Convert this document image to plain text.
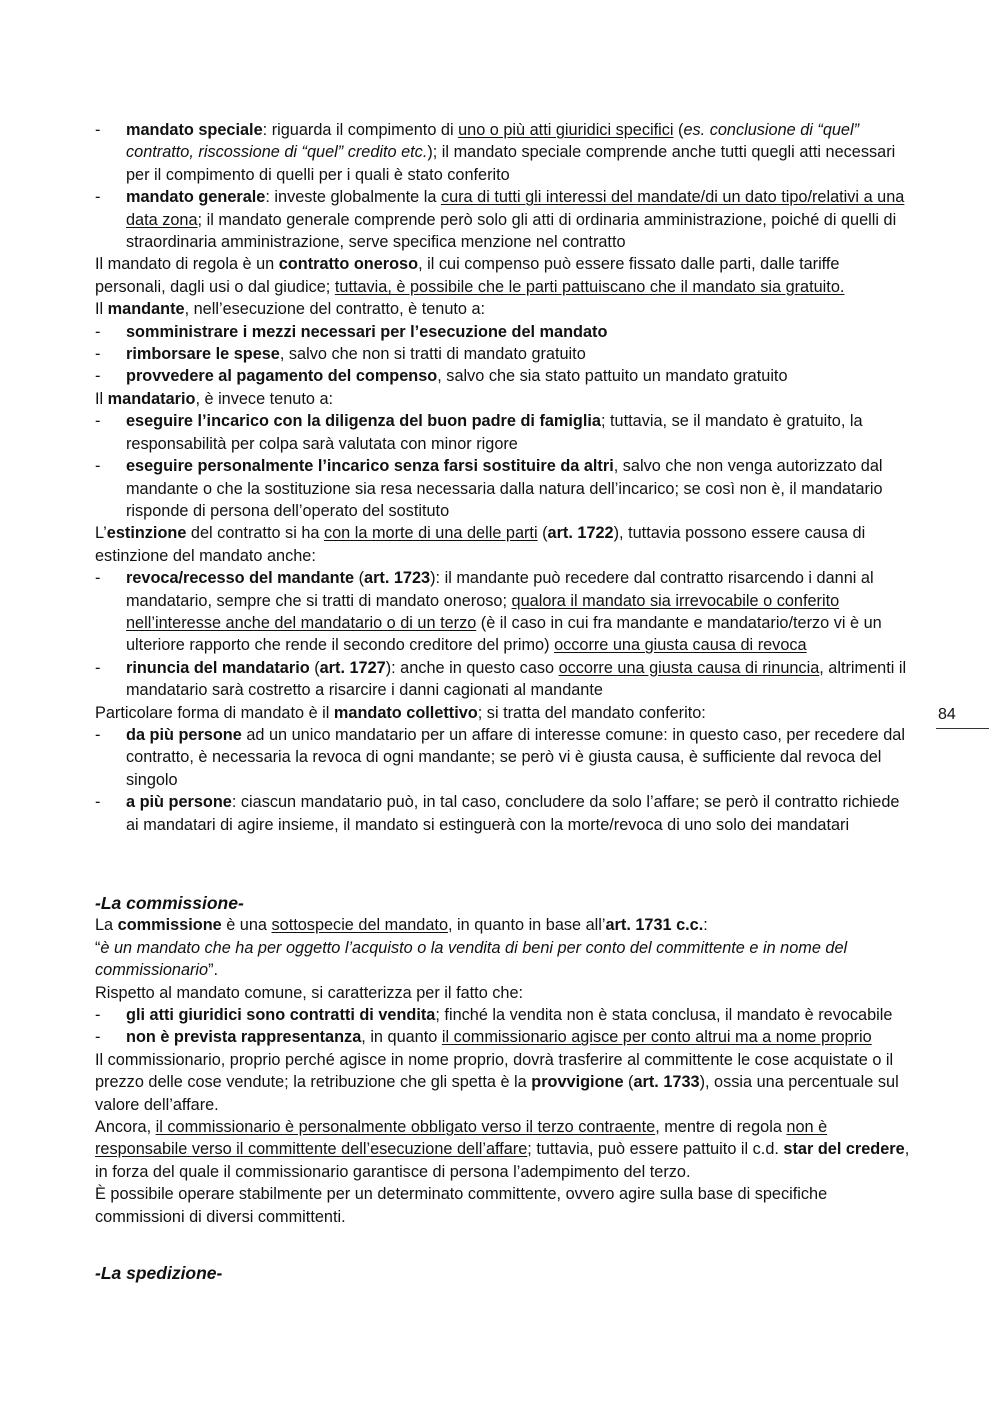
- mandato speciale: riguarda il compimento di uno o più atti giuridici specifici (es. conclusione di “quel” contratto, riscossione di “quel” credito etc.); il mandato speciale comprende anche tutti quegli atti necessari per il compimento di quelli per i quali è stato conferito

- mandato generale: investe globalmente la cura di tutti gli interessi del mandate/di un dato tipo/relativi a una data zona; il mandato generale comprende però solo gli atti di ordinaria amministrazione, poiché di quelli di straordinaria amministrazione, serve specifica menzione nel contratto

Il mandato di regola è un contratto oneroso, il cui compenso può essere fissato dalle parti, dalle tariffe personali, dagli usi o dal giudice; tuttavia, è possibile che le parti pattuiscano che il mandato sia gratuito.

Il mandante, nell’esecuzione del contratto, è tenuto a:

- somministrare i mezzi necessari per l’esecuzione del mandato

- rimborsare le spese, salvo che non si tratti di mandato gratuito

- provvedere al pagamento del compenso, salvo che sia stato pattuito un mandato gratuito

Il mandatario, è invece tenuto a:

- eseguire l’incarico con la diligenza del buon padre di famiglia; tuttavia, se il mandato è gratuito, la responsabilità per colpa sarà valutata con minor rigore

- eseguire personalmente l’incarico senza farsi sostituire da altri, salvo che non venga autorizzato dal mandante o che la sostituzione sia resa necessaria dalla natura dell’incarico; se così non è, il mandatario risponde di persona dell’operato del sostituto

L’estinzione del contratto si ha con la morte di una delle parti (art. 1722), tuttavia possono essere causa di estinzione del mandato anche:

- revoca/recesso del mandante (art. 1723): il mandante può recedere dal contratto risarcendo i danni al mandatario, sempre che si tratti di mandato oneroso; qualora il mandato sia irrevocabile o conferito nell’interesse anche del mandatario o di un terzo (è il caso in cui fra mandante e mandatario/terzo vi è un ulteriore rapporto che rende il secondo creditore del primo) occorre una giusta causa di revoca

- rinuncia del mandatario (art. 1727): anche in questo caso occorre una giusta causa di rinuncia, altrimenti il mandatario sarà costretto a risarcire i danni cagionati al mandante

Particolare forma di mandato è il mandato collettivo; si tratta del mandato conferito:

- da più persone ad un unico mandatario per un affare di interesse comune: in questo caso, per recedere dal contratto, è necessaria la revoca di ogni mandante; se però vi è giusta causa, è sufficiente dal revoca del singolo

- a più persone: ciascun mandatario può, in tal caso, concludere da solo l’affare; se però il contratto richiede ai mandatari di agire insieme, il mandato si estinguerà con la morte/revoca di uno solo dei mandatari

-La commissione-

La commissione è una sottospecie del mandato, in quanto in base all’art. 1731 c.c.:

“è un mandato che ha per oggetto l’acquisto o la vendita di beni per conto del committente e in nome del commissionario”.

Rispetto al mandato comune, si caratterizza per il fatto che:

- gli atti giuridici sono contratti di vendita; finché la vendita non è stata conclusa, il mandato è revocabile

- non è prevista rappresentanza, in quanto il commissionario agisce per conto altrui ma a nome proprio

Il commissionario, proprio perché agisce in nome proprio, dovrà trasferire al committente le cose acquistate o il prezzo delle cose vendute; la retribuzione che gli spetta è la provvigione (art. 1733), ossia una percentuale sul valore dell’affare.

Ancora, il commissionario è personalmente obbligato verso il terzo contraente, mentre di regola non è responsabile verso il committente dell’esecuzione dell’affare; tuttavia, può essere pattuito il c.d. star del credere, in forza del quale il commissionario garantisce di persona l’adempimento del terzo.

È possibile operare stabilmente per un determinato committente, ovvero agire sulla base di specifiche commissioni di diversi committenti.

-La spedizione-

84
